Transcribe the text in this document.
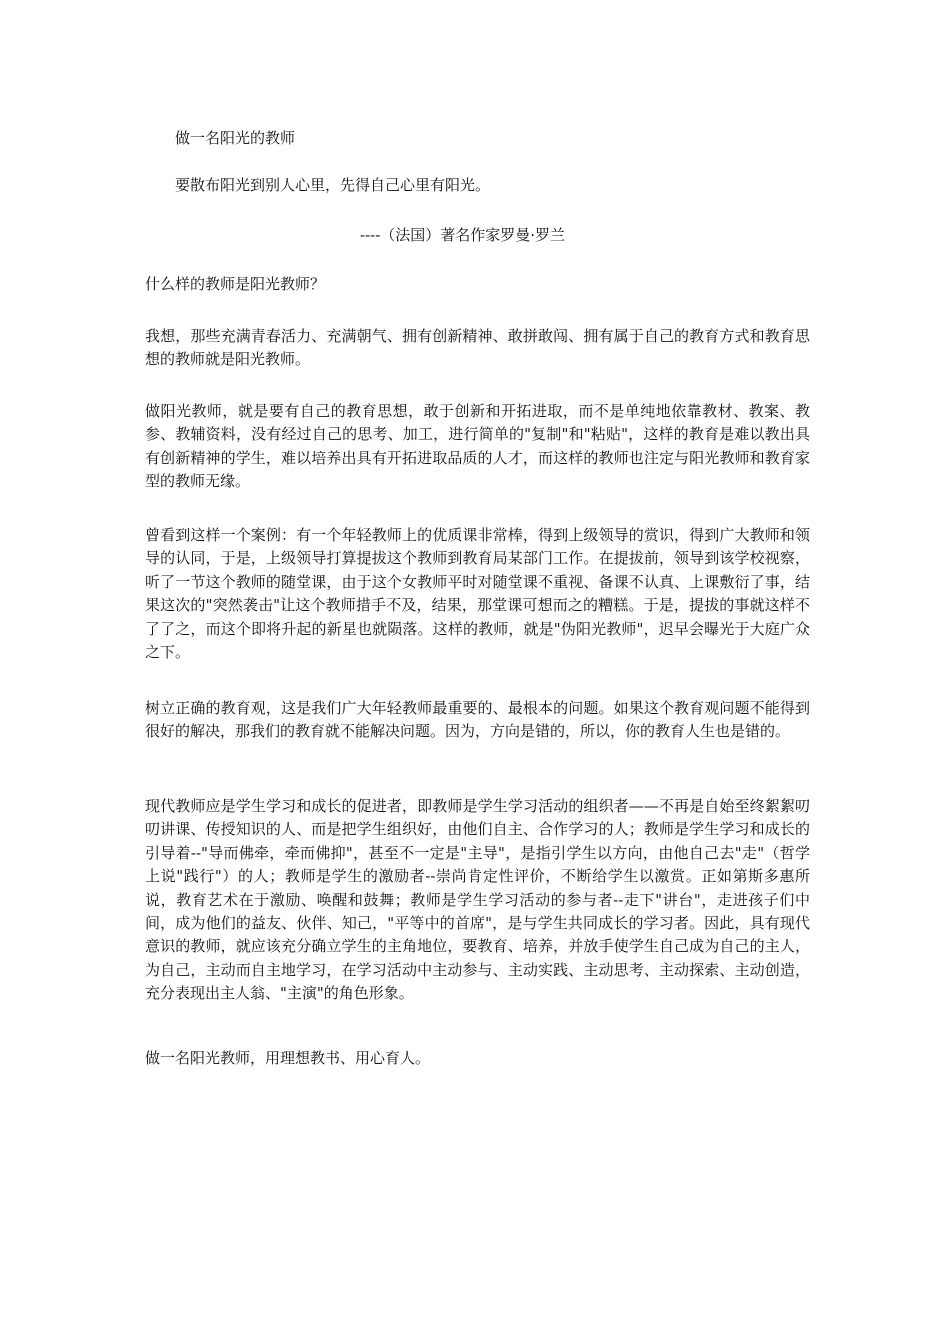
做一名阳光的教师
要散布阳光到别人心里，先得自己心里有阳光。
----（法国）著名作家罗曼·罗兰

什么样的教师是阳光教师？

我想，那些充满青春活力、充满朝气、拥有创新精神、敢拼敢闯、拥有属于自己的教育方式和教育思想的教师就是阳光教师。

做阳光教师，就是要有自己的教育思想，敢于创新和开拓进取，而不是单纯地依靠教材、教案、教参、教辅资料，没有经过自己的思考、加工，进行简单的"复制"和"粘贴"，这样的教育是难以教出具有创新精神的学生，难以培养出具有开拓进取品质的人才，而这样的教师也注定与阳光教师和教育家型的教师无缘。

曾看到这样一个案例：有一个年轻教师上的优质课非常棒，得到上级领导的赏识，得到广大教师和领导的认同，于是，上级领导打算提拔这个教师到教育局某部门工作。在提拔前，领导到该学校视察，听了一节这个教师的随堂课，由于这个女教师平时对随堂课不重视、备课不认真、上课敷衍了事，结果这次的"突然袭击"让这个教师措手不及，结果，那堂课可想而之的糟糕。于是，提拔的事就这样不了了之，而这个即将升起的新星也就陨落。这样的教师，就是"伪阳光教师"，迟早会曝光于大庭广众之下。

树立正确的教育观，这是我们广大年轻教师最重要的、最根本的问题。如果这个教育观问题不能得到很好的解决，那我们的教育就不能解决问题。因为，方向是错的，所以，你的教育人生也是错的。

现代教师应是学生学习和成长的促进者，即教师是学生学习活动的组织者——不再是自始至终絮絮叨叨讲课、传授知识的人、而是把学生组织好，由他们自主、合作学习的人；教师是学生学习和成长的引导着--"导而佛牵，牵而佛抑"，甚至不一定是"主导"，是指引学生以方向，由他自己去"走"（哲学上说"践行"）的人；教师是学生的激励者--崇尚肯定性评价，不断给学生以激赏。正如第斯多惠所说，教育艺术在于激励、唤醒和鼓舞；教师是学生学习活动的参与者--走下"讲台"，走进孩子们中间，成为他们的益友、伙伴、知己，"平等中的首席"，是与学生共同成长的学习者。因此，具有现代意识的教师，就应该充分确立学生的主角地位，要教育、培养，并放手使学生自己成为自己的主人，为自己，主动而自主地学习，在学习活动中主动参与、主动实践、主动思考、主动探索、主动创造，充分表现出主人翁、"主演"的角色形象。

做一名阳光教师，用理想教书、用心育人。
